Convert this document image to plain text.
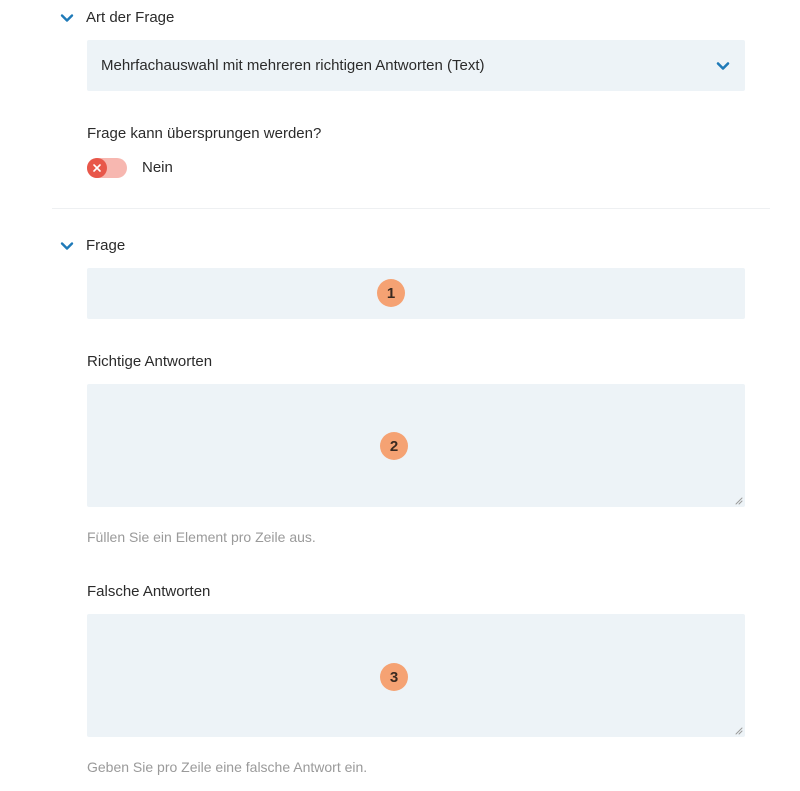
Art der Frage
Mehrfachauswahl mit mehreren richtigen Antworten (Text)
Frage kann übersprungen werden?
Nein
Frage
1
Richtige Antworten
2
Füllen Sie ein Element pro Zeile aus.
Falsche Antworten
3
Geben Sie pro Zeile eine falsche Antwort ein.
